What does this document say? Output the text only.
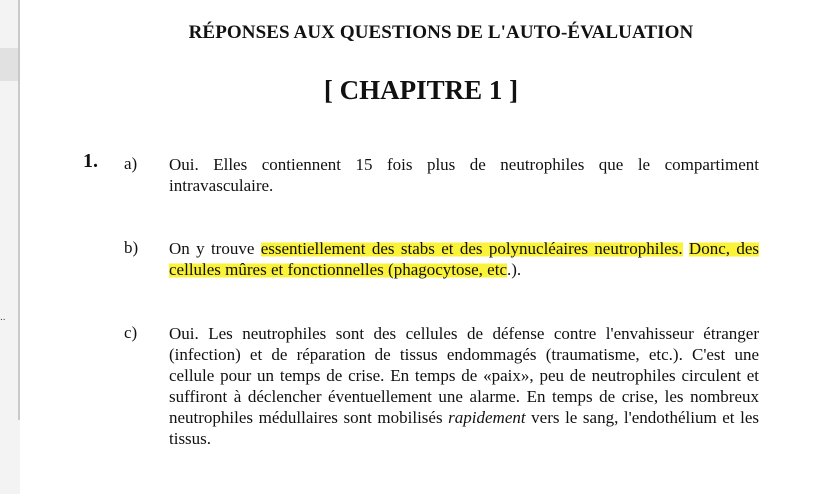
..
RÉPONSES AUX QUESTIONS DE L'AUTO-ÉVALUATION
[ CHAPITRE 1 ]
1. a) Oui. Elles contiennent 15 fois plus de neutrophiles que le compartiment intravasculaire.
b) On y trouve essentiellement des stabs et des polynucléaires neutrophiles. Donc, des cellules mûres et fonctionnelles (phagocytose, etc.).
c) Oui. Les neutrophiles sont des cellules de défense contre l'envahisseur étranger (infection) et de réparation de tissus endommagés (traumatisme, etc.). C'est une cellule pour un temps de crise. En temps de «paix», peu de neutrophiles circulent et suffiront à déclencher éventuellement une alarme. En temps de crise, les nombreux neutrophiles médullaires sont mobilisés rapidement vers le sang, l'endothélium et les tissus.
